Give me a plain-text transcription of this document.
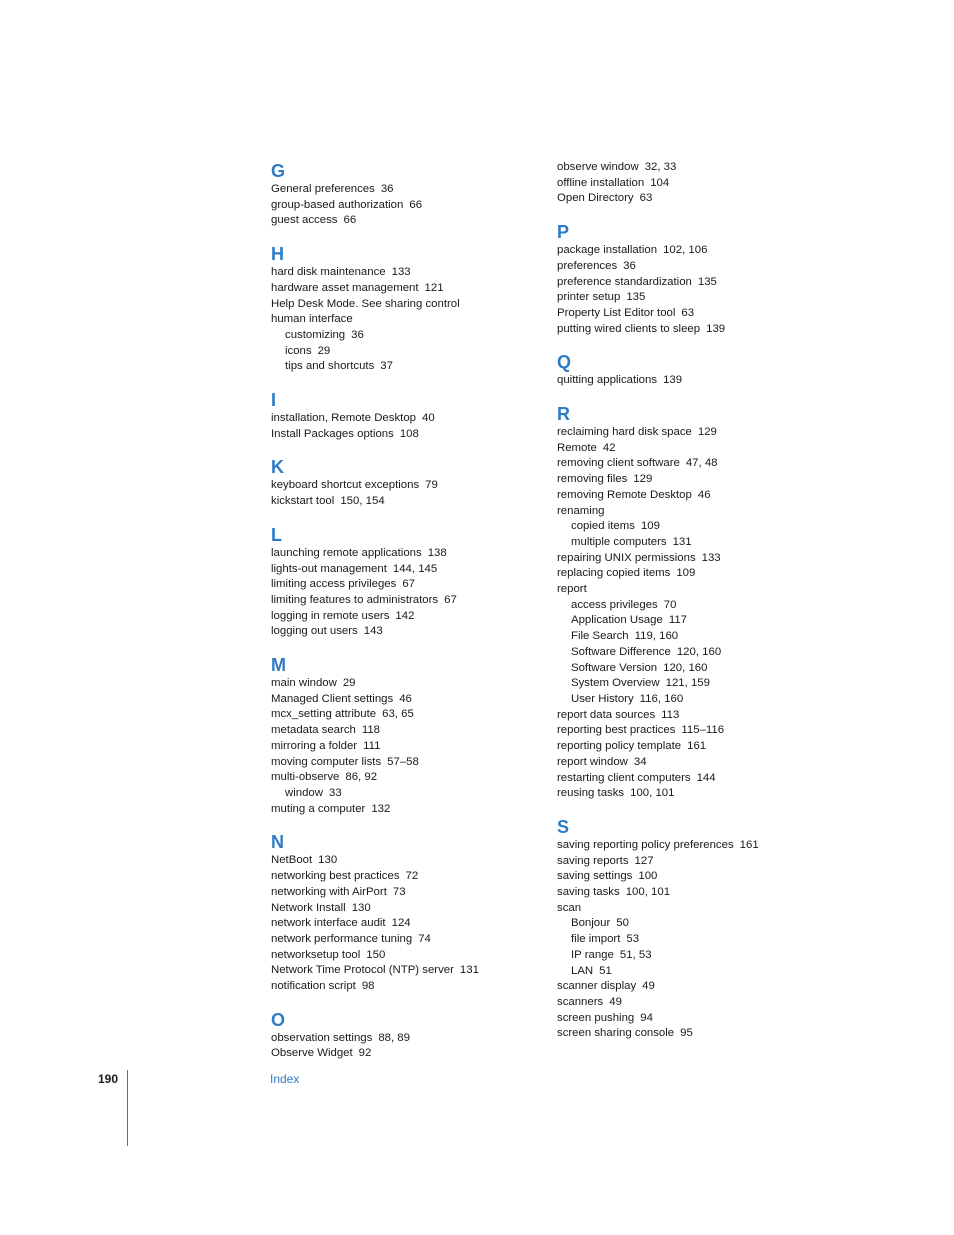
G
General preferences 36
group-based authorization 66
guest access 66
H
hard disk maintenance 133
hardware asset management 121
Help Desk Mode. See sharing control
human interface
customizing 36
icons 29
tips and shortcuts 37
I
installation, Remote Desktop 40
Install Packages options 108
K
keyboard shortcut exceptions 79
kickstart tool 150, 154
L
launching remote applications 138
lights-out management 144, 145
limiting access privileges 67
limiting features to administrators 67
logging in remote users 142
logging out users 143
M
main window 29
Managed Client settings 46
mcx_setting attribute 63, 65
metadata search 118
mirroring a folder 111
moving computer lists 57–58
multi-observe 86, 92
window 33
muting a computer 132
N
NetBoot 130
networking best practices 72
networking with AirPort 73
Network Install 130
network interface audit 124
network performance tuning 74
networksetup tool 150
Network Time Protocol (NTP) server 131
notification script 98
O
observation settings 88, 89
Observe Widget 92
observe window 32, 33
offline installation 104
Open Directory 63
P
package installation 102, 106
preferences 36
preference standardization 135
printer setup 135
Property List Editor tool 63
putting wired clients to sleep 139
Q
quitting applications 139
R
reclaiming hard disk space 129
Remote 42
removing client software 47, 48
removing files 129
removing Remote Desktop 46
renaming
copied items 109
multiple computers 131
repairing UNIX permissions 133
replacing copied items 109
report
access privileges 70
Application Usage 117
File Search 119, 160
Software Difference 120, 160
Software Version 120, 160
System Overview 121, 159
User History 116, 160
report data sources 113
reporting best practices 115–116
reporting policy template 161
report window 34
restarting client computers 144
reusing tasks 100, 101
S
saving reporting policy preferences 161
saving reports 127
saving settings 100
saving tasks 100, 101
scan
Bonjour 50
file import 53
IP range 51, 53
LAN 51
scanner display 49
scanners 49
screen pushing 94
screen sharing console 95
190	Index
